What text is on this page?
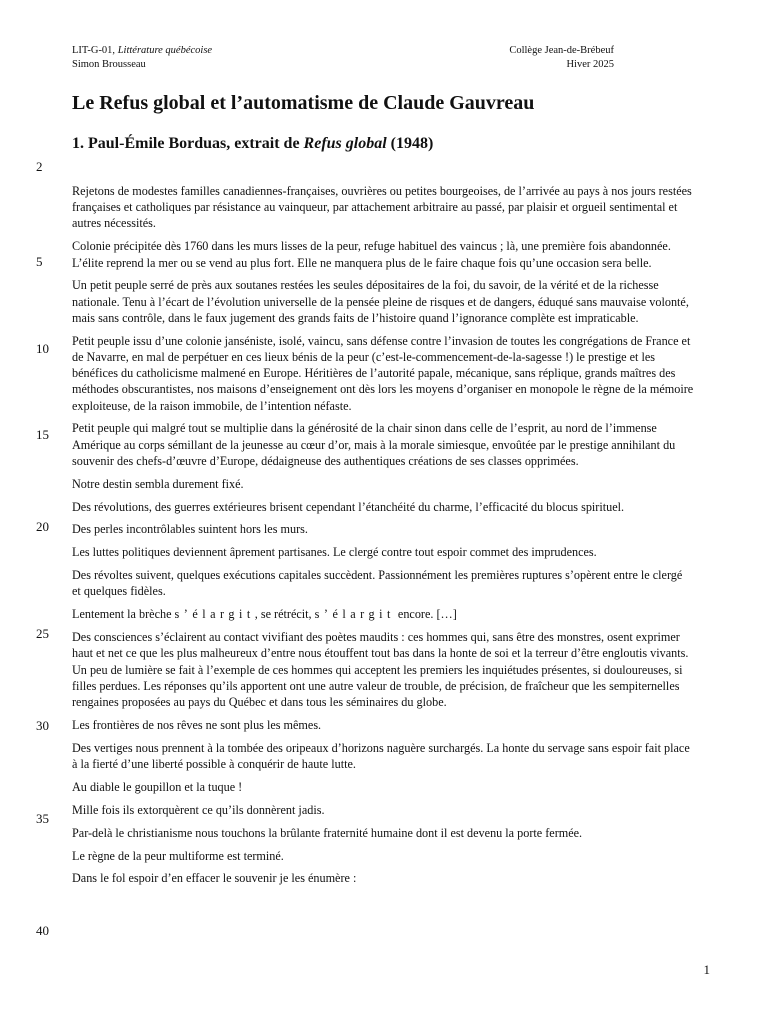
LIT-G-01, Littérature québécoise
Simon Brousseau
Collège Jean-de-Brébeuf
Hiver 2025
Le Refus global et l’automatisme de Claude Gauvreau
1. Paul-Émile Borduas, extrait de Refus global (1948)
2
5
10
15
20
25
30
35
40

Rejetons de modestes familles canadiennes-françaises, ouvrières ou petites bourgeoises, de l’arrivée au pays à nos jours restées françaises et catholiques par résistance au vainqueur, par attachement arbitraire au passé, par plaisir et orgueil sentimental et autres nécessités.

Colonie précipitée dès 1760 dans les murs lisses de la peur, refuge habituel des vaincus ; là, une première fois abandonnée. L’élite reprend la mer ou se vend au plus fort. Elle ne manquera plus de le faire chaque fois qu’une occasion sera belle.

Un petit peuple serré de près aux soutanes restées les seules dépositaires de la foi, du savoir, de la vérité et de la richesse nationale. Tenu à l’écart de l’évolution universelle de la pensée pleine de risques et de dangers, éduqué sans mauvaise volonté, mais sans contrôle, dans le faux jugement des grands faits de l’histoire quand l’ignorance complète est impraticable.

Petit peuple issu d’une colonie janséniste, isolé, vaincu, sans défense contre l’invasion de toutes les congrégations de France et de Navarre, en mal de perpétuer en ces lieux bénis de la peur (c’est-le-commencement-de-la-sagesse !) le prestige et les bénéfices du catholicisme malmené en Europe. Héritières de l’autorité papale, mécanique, sans réplique, grands maîtres des méthodes obscurantistes, nos maisons d’enseignement ont dès lors les moyens d’organiser en monopole le règne de la mémoire exploiteuse, de la raison immobile, de l’intention néfaste.

Petit peuple qui malgré tout se multiplie dans la générosité de la chair sinon dans celle de l’esprit, au nord de l’immense Amérique au corps sémillant de la jeunesse au cœur d’or, mais à la morale simiesque, envoûtée par le prestige annihilant du souvenir des chefs-d’œuvre d’Europe, dédaigneuse des authentiques créations de ses classes opprimées.

Notre destin sembla durement fixé.

Des révolutions, des guerres extérieures brisent cependant l’étanchéité du charme, l’efficacité du blocus spirituel.

Des perles incontrôlables suintent hors les murs.

Les luttes politiques deviennent âprement partisanes. Le clergé contre tout espoir commet des imprudences.

Des révoltes suivent, quelques exécutions capitales succèdent. Passionnément les premières ruptures s’opèrent entre le clergé et quelques fidèles.

Lentement la brèche s’élargit, se rétrécit, s’élargit encore. […]

Des consciences s’éclairent au contact vivifiant des poètes maudits : ces hommes qui, sans être des monstres, osent exprimer haut et net ce que les plus malheureux d’entre nous étouffent tout bas dans la honte de soi et la terreur d’être engloutis vivants. Un peu de lumière se fait à l’exemple de ces hommes qui acceptent les premiers les inquiétudes présentes, si douloureuses, si filles perdues. Les réponses qu’ils apportent ont une autre valeur de trouble, de précision, de fraîcheur que les sempiternelles rengaines proposées au pays du Québec et dans tous les séminaires du globe.

Les frontières de nos rêves ne sont plus les mêmes.

Des vertiges nous prennent à la tombée des oripeaux d’horizons naguère surchargés. La honte du servage sans espoir fait place à la fierté d’une liberté possible à conquérir de haute lutte.

Au diable le goupillon et la tuque !

Mille fois ils extorquèrent ce qu’ils donnèrent jadis.

Par-delà le christianisme nous touchons la brûlante fraternité humaine dont il est devenu la porte fermée.

Le règne de la peur multiforme est terminé.

Dans le fol espoir d’en effacer le souvenir je les énumère :

1
